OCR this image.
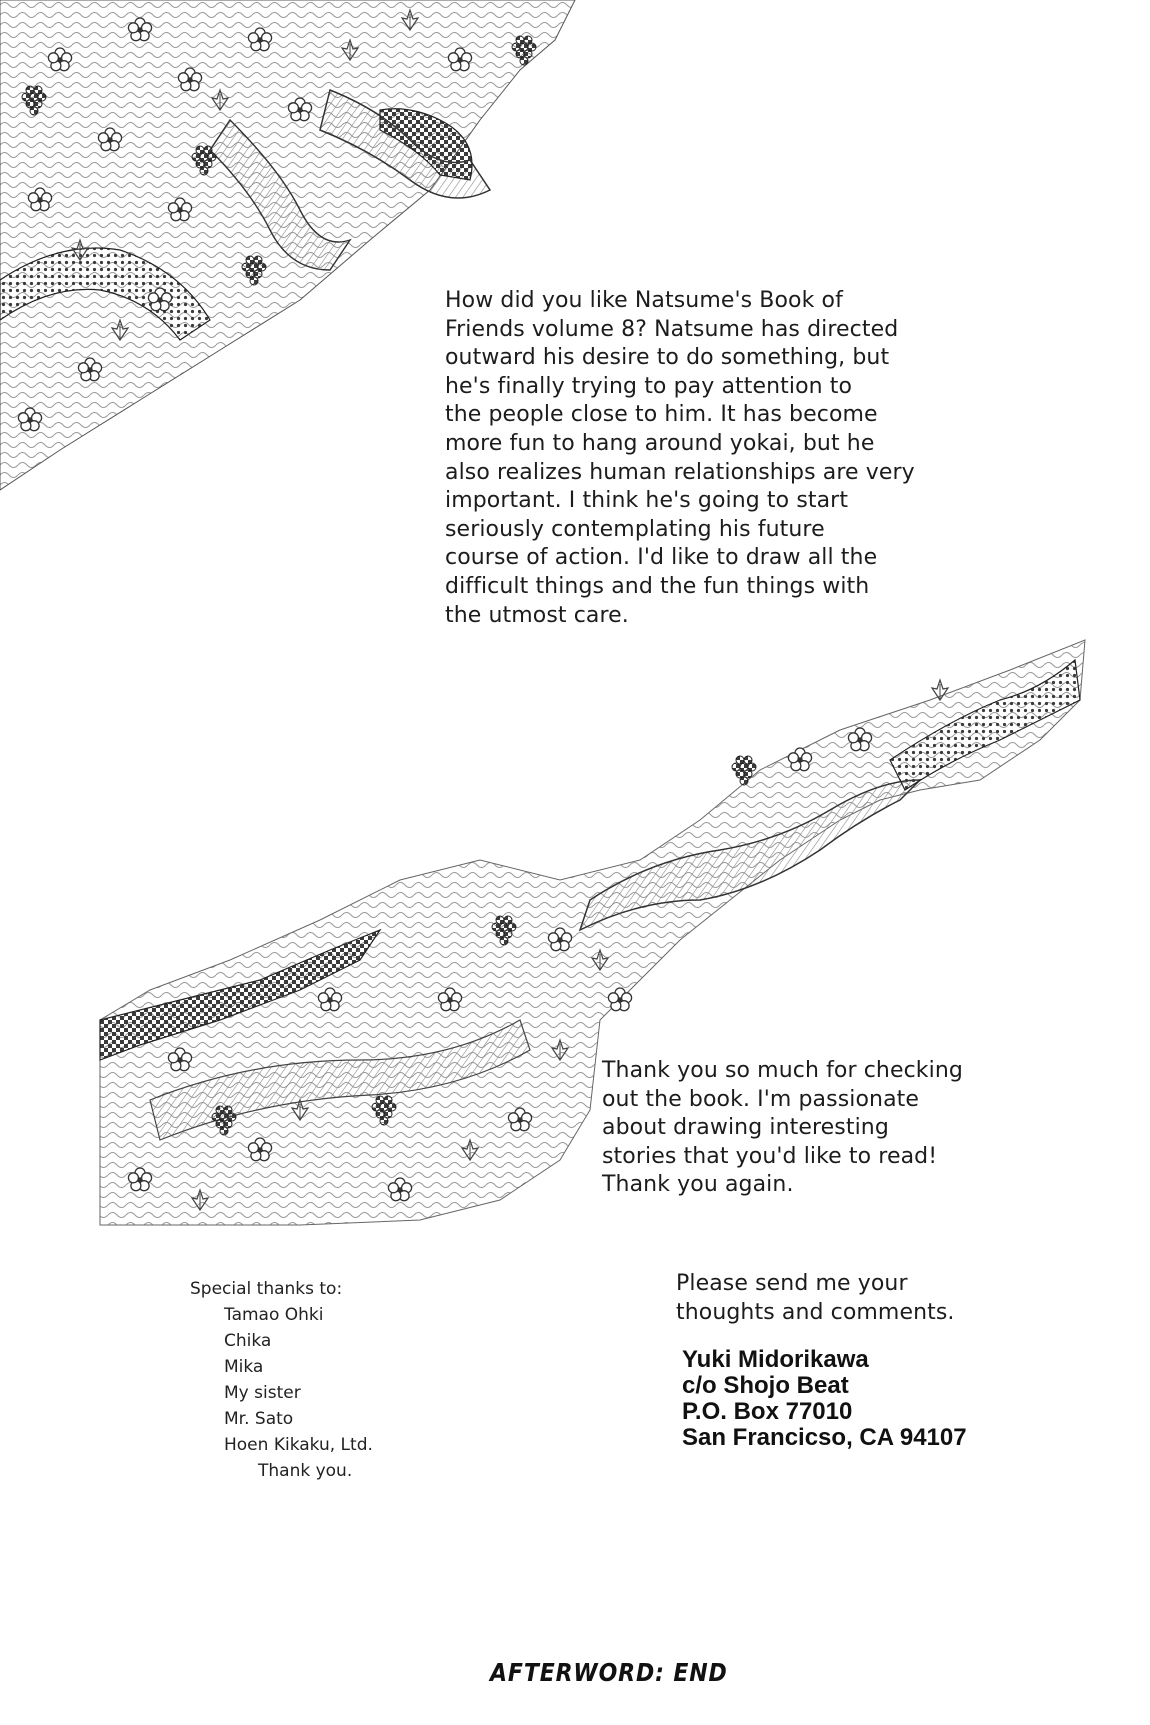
How did you like Natsume's Book of
Friends volume 8? Natsume has directed
outward his desire to do something, but
he's finally trying to pay attention to
the people close to him. It has become
more fun to hang around yokai, but he
also realizes human relationships are very
important. I think he's going to start
seriously contemplating his future
course of action. I'd like to draw all the
difficult things and the fun things with
the utmost care.
Thank you so much for checking
out the book. I'm passionate
about drawing interesting
stories that you'd like to read!
Thank you again.
Please send me your
thoughts and comments.
Yuki Midorikawa
c/o Shojo Beat
P.O. Box 77010
San Francicso, CA 94107
Special thanks to:
Tamao Ohki
Chika
Mika
My sister
Mr. Sato
Hoen Kikaku, Ltd.
Thank you.
AFTERWORD: END
